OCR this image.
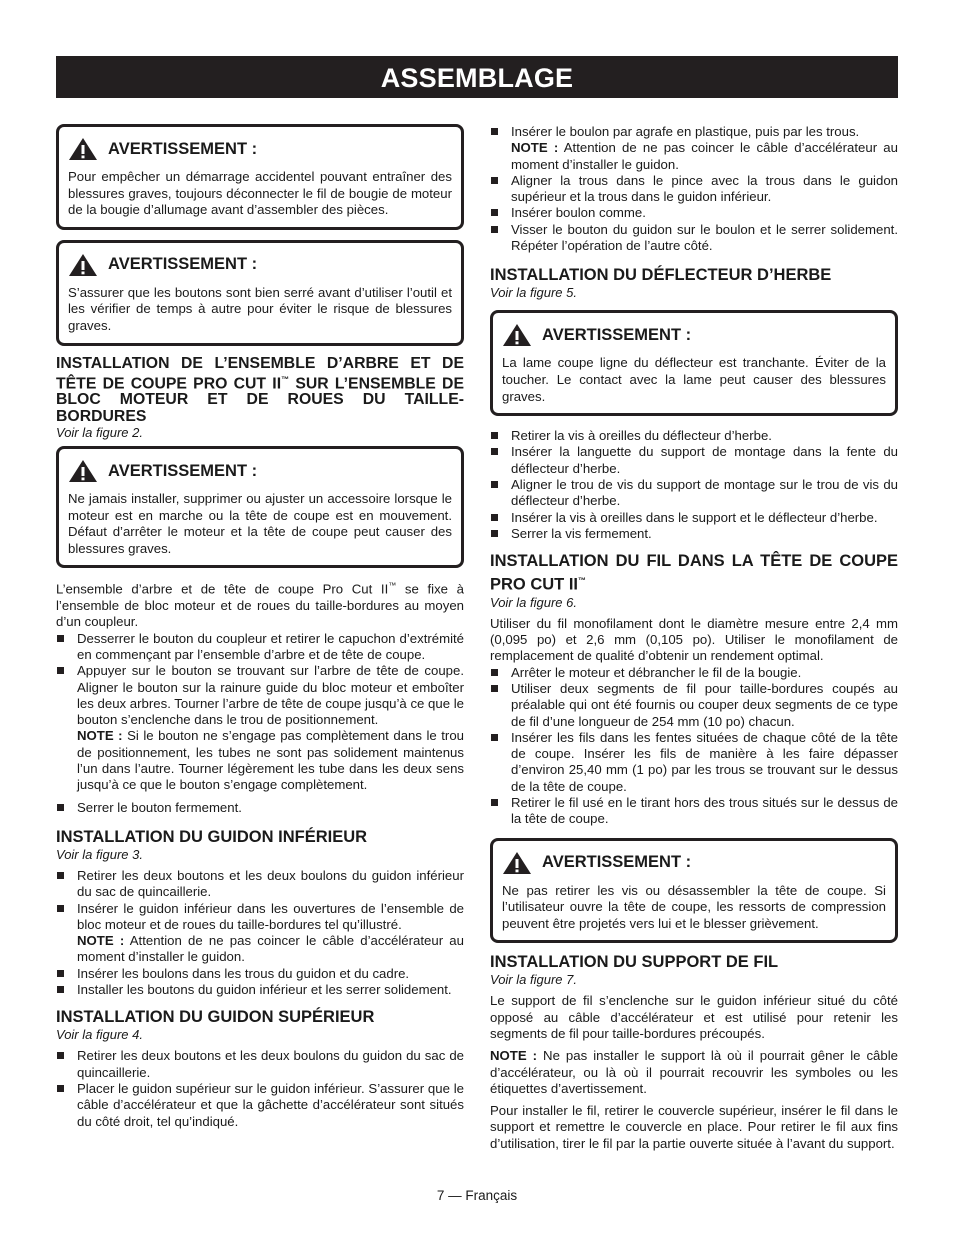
ASSEMBLAGE
AVERTISSEMENT :

Pour empêcher un démarrage accidentel pouvant entraîner des blessures graves, toujours déconnecter le fil de bougie de moteur de la bougie d’allumage avant d’assembler des pièces.

AVERTISSEMENT :

S’assurer que les boutons sont bien serré avant d’utiliser l’outil et les vérifier de temps à autre pour éviter le risque de blessures graves.

INSTALLATION DE L’ENSEMBLE D’ARBRE ET DE TÊTE DE COUPE PRO CUT II™ SUR L’ENSEMBLE DE BLOC MOTEUR ET DE ROUES DU TAILLE-BORDURES

Voir la figure 2.

AVERTISSEMENT :

Ne jamais installer, supprimer ou ajuster un accessoire lorsque le moteur est en marche ou la tête de coupe est en mouvement. Défaut d’arrêter le moteur et la tête de coupe peut causer des blessures graves.

L’ensemble d’arbre et de tête de coupe Pro Cut II™ se fixe à l’ensemble de bloc moteur et de roues du taille-bordures au moyen d’un coupleur.

Desserrer le bouton du coupleur et retirer le capuchon d’extrémité en commençant par l’ensemble d’arbre et de tête de coupe.
Appuyer sur le bouton se trouvant sur l’arbre de tête de coupe. Aligner le bouton sur la rainure guide du bloc moteur et emboîter les deux arbres. Tourner l’arbre de tête de coupe jusqu’à ce que le bouton s’enclenche dans le trou de positionnement.
NOTE : Si le bouton ne s’engage pas complètement dans le trou de positionnement, les tubes ne sont pas solidement maintenus l’un dans l’autre. Tourner légèrement les tube dans les deux sens jusqu’à ce que le bouton s’engage complètement.
Serrer le bouton fermement.
INSTALLATION DU GUIDON INFÉRIEUR

Voir la figure 3.

Retirer les deux boutons et les deux boulons du guidon inférieur du sac de quincaillerie.
Insérer le guidon inférieur dans les ouvertures de l’ensemble de bloc moteur et de roues du taille-bordures tel qu’illustré.
NOTE : Attention de ne pas coincer le câble d’accélérateur au moment d’installer le guidon.
Insérer les boulons dans les trous du guidon et du cadre.
Installer les boutons du guidon inférieur et les serrer solidement.
INSTALLATION DU GUIDON SUPÉRIEUR

Voir la figure 4.

Retirer les deux boutons et les deux boulons du guidon du sac de quincaillerie.
Placer le guidon supérieur sur le guidon inférieur. S’assurer que le câble d’accélérateur et que la gâchette d’accélérateur sont situés du côté droit, tel qu’indiqué.
Insérer le boulon par agrafe en plastique, puis par les trous.
NOTE : Attention de ne pas coincer le câble d’accélérateur au moment d’installer le guidon.
Aligner la trous dans le pince avec la trous dans le guidon supérieur et la trous dans le guidon inférieur.
Insérer boulon comme.
Visser le bouton du guidon sur le boulon et le serrer solidement. Répéter l’opération de l’autre côté.
INSTALLATION DU DÉFLECTEUR D’HERBE

Voir la figure 5.

AVERTISSEMENT :

La lame coupe ligne du déflecteur est tranchante. Éviter de la toucher. Le contact avec la lame peut causer des blessures graves.

Retirer la vis à oreilles du déflecteur d’herbe.
Insérer la languette du support de montage dans la fente du déflecteur d’herbe.
Aligner le trou de vis du support de montage sur le trou de vis du déflecteur d’herbe.
Insérer la vis à oreilles dans le support et le déflecteur d’herbe.
Serrer la vis fermement.
INSTALLATION DU FIL DANS LA TÊTE DE COUPE PRO CUT II™

Voir la figure 6.

Utiliser du fil monofilament dont le diamètre mesure entre 2,4 mm (0,095 po) et 2,6 mm (0,105 po). Utiliser le monofilament de remplacement de qualité d’obtenir un rendement optimal.

Arrêter le moteur et débrancher le fil de la bougie.
Utiliser deux segments de fil pour taille-bordures coupés au préalable qui ont été fournis ou couper deux segments de ce type de fil d’une longueur de 254 mm (10 po) chacun.
Insérer les fils dans les fentes situées de chaque côté de la tête de coupe. Insérer les fils de manière à les faire dépasser d’environ 25,40 mm (1 po) par les trous se trouvant sur le dessus de la tête de coupe.
Retirer le fil usé en le tirant hors des trous situés sur le dessus de la tête de coupe.
AVERTISSEMENT :

Ne pas retirer les vis ou désassembler la tête de coupe. Si l’utilisateur ouvre la tête de coupe, les ressorts de compression peuvent être projetés vers lui et le blesser grièvement.

INSTALLATION DU SUPPORT DE FIL

Voir la figure 7.

Le support de fil s’enclenche sur le guidon inférieur situé du côté opposé au câble d’accélérateur et est utilisé pour retenir les segments de fil pour taille-bordures précoupés.

NOTE : Ne pas installer le support là où il pourrait gêner le câble d’accélérateur, ou là où il pourrait recouvrir les symboles ou les étiquettes d’avertissement.

Pour installer le fil, retirer le couvercle supérieur, insérer le fil dans le support et remettre le couvercle en place. Pour retirer le fil aux fins d’utilisation, tirer le fil par la partie ouverte située à l’avant du support.

7 — Français
